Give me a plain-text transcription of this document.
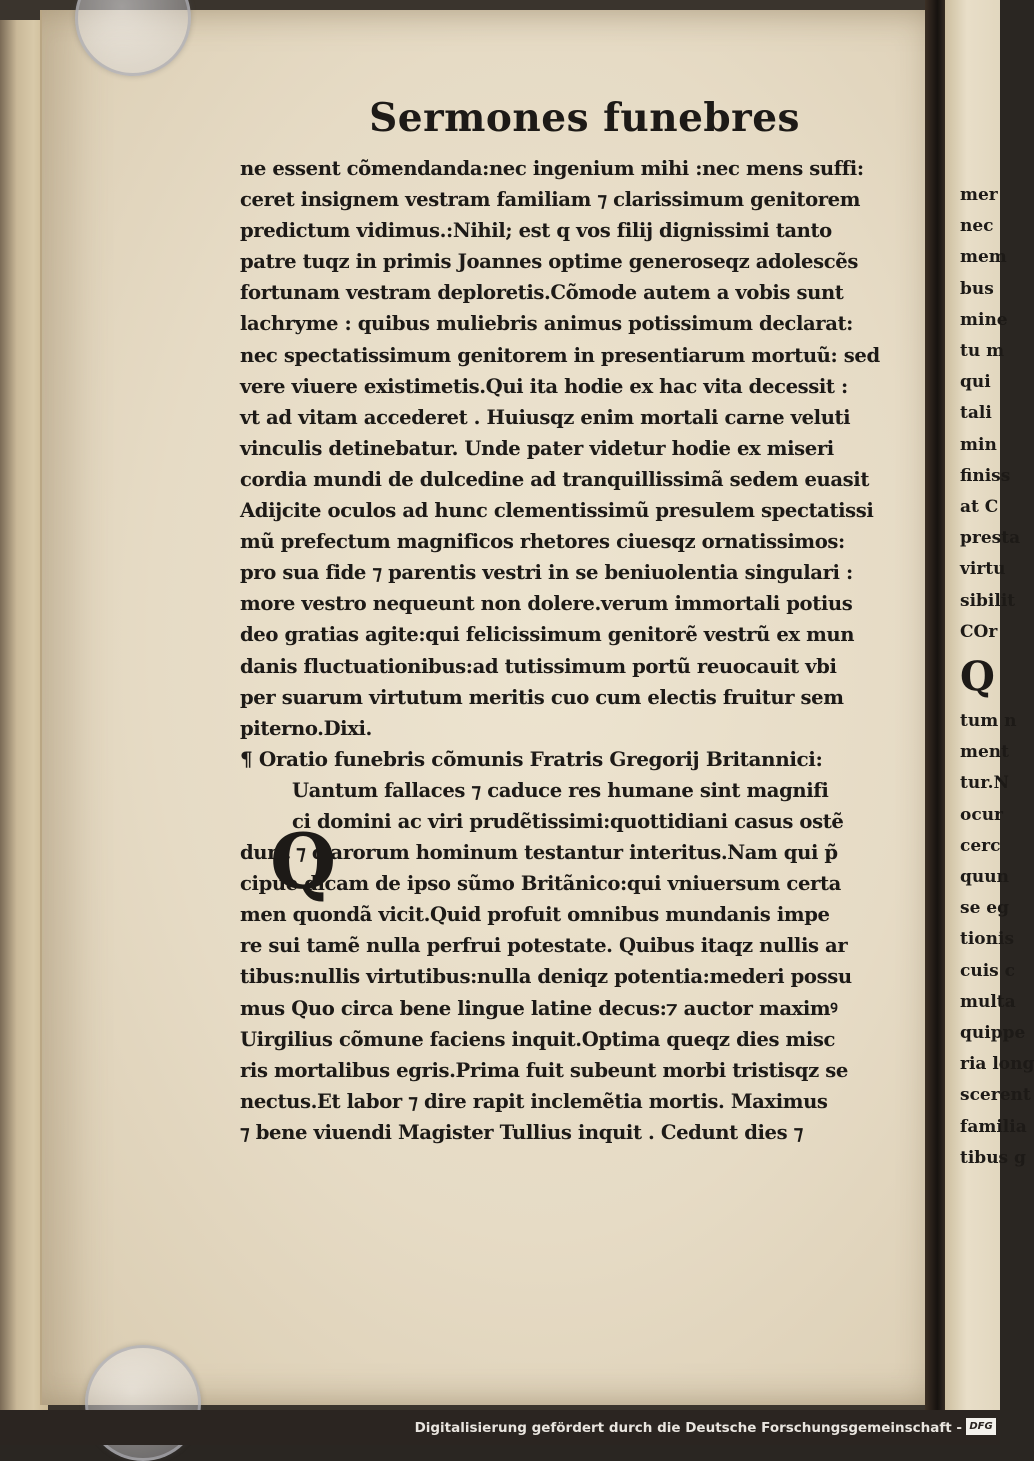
Sermones funebres
ne essent cõmendanda:nec ingenium mihi :nec mens suffi:
ceret insignem vestram familiam ⁊ clarissimum genitorem
predictum vidimus.:Nihil; est q vos filij dignissimi tanto
patre tuqz in primis Joannes optime generoseqz adolescẽs
fortunam vestram deploretis.Cõmode autem a vobis sunt
lachryme : quibus muliebris animus potissimum declarat:
nec spectatissimum genitorem in presentiarum mortuũ: sed
vere viuere existimetis.Qui ita hodie ex hac vita decessit :
vt ad vitam accederet . Huiusqz enim mortali carne veluti
vinculis detinebatur. Unde pater videtur hodie ex miseri
cordia mundi de dulcedine ad tranquillissimã sedem euasit
Adijcite oculos ad hunc clementissimũ presulem spectatissi
mũ prefectum magnificos rhetores ciuesqz ornatissimos:
pro sua fide ⁊ parentis vestri in se beniuolentia singulari :
more vestro nequeunt non dolere.verum immortali potius
deo gratias agite:qui felicissimum genitorẽ vestrũ ex mun
danis fluctuationibus:ad tutissimum portũ reuocauit vbi
per suarum virtutum meritis cuo cum electis fruitur sem
piterno.Dixi.
¶ Oratio funebris cõmunis Fratris Gregorij Britannici:
Uantum fallaces ⁊ caduce res humane sint magnifi
ci domini ac viri prudẽtissimi:quottidiani casus ostẽ
dunt ⁊ clarorum hominum testantur interitus.Nam qui p̃
cipue dicam de ipso sũmo Britãnico:qui vniuersum certa
men quondã vicit.Quid profuit omnibus mundanis impe
re sui tamẽ nulla perfrui potestate. Quibus itaqz nullis ar
tibus:nullis virtutibus:nulla deniqz potentia:mederi possu
mus Quo circa bene lingue latine decus:⁊ auctor maximꝰ
Uirgilius cõmune faciens inquit.Optima queqz dies misc
ris mortalibus egris.Prima fuit subeunt morbi tristisqz se
nectus.Et labor ⁊ dire rapit inclemẽtia mortis. Maximus
⁊ bene viuendi Magister Tullius inquit . Cedunt dies ⁊
Q
mer
nec
mem
bus
mine
tu m
qui
tali
min
finiss
at C
presta
virtu
sibilit
COr
Q
tum n
ment
tur.N
ocur
cerc
quun
se eg
tionis
cuis c
multa
quippe
ria long
scerent
familia
tibus g
Digitalisierung gefördert durch die Deutsche Forschungsgemeinschaft - DFG
